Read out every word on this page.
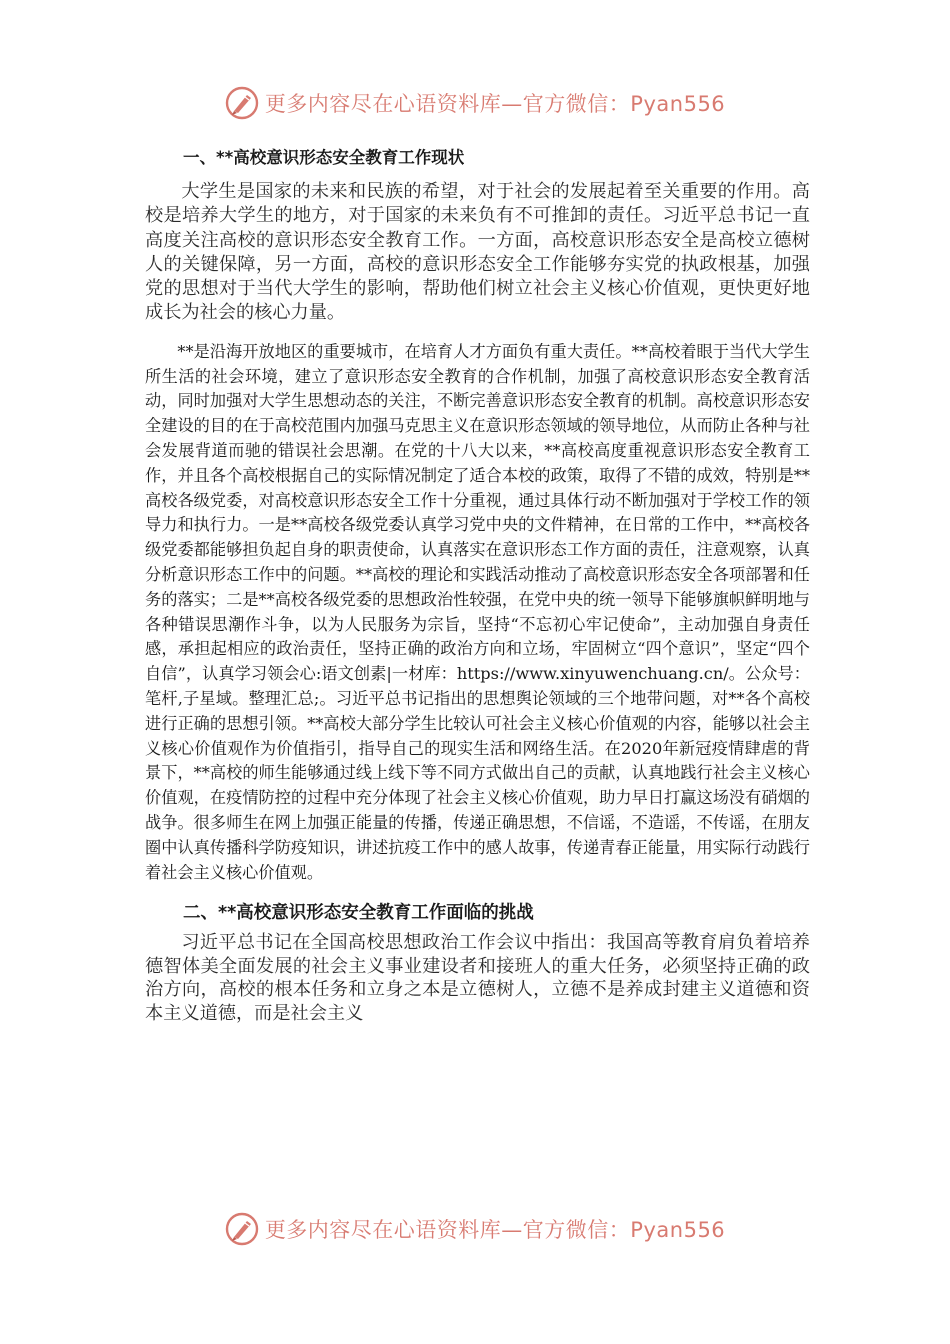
更多内容尽在心语资料库—官方微信：Pyan556
一、**高校意识形态安全教育工作现状

大学生是国家的未来和民族的希望，对于社会的发展起着至关重要的作用。高校是培养大学生的地方，对于国家的未来负有不可推卸的责任。习近平总书记一直高度关注高校的意识形态安全教育工作。一方面，高校意识形态安全是高校立德树人的关键保障，另一方面，高校的意识形态安全工作能够夯实党的执政根基，加强党的思想对于当代大学生的影响，帮助他们树立社会主义核心价值观，更快更好地成长为社会的核心力量。

**是沿海开放地区的重要城市，在培育人才方面负有重大责任。**高校着眼于当代大学生所生活的社会环境，建立了意识形态安全教育的合作机制，加强了高校意识形态安全教育活动，同时加强对大学生思想动态的关注，不断完善意识形态安全教育的机制。高校意识形态安全建设的目的在于高校范围内加强马克思主义在意识形态领域的领导地位，从而防止各种与社会发展背道而驰的错误社会思潮。在党的十八大以来，**高校高度重视意识形态安全教育工作，并且各个高校根据自己的实际情况制定了适合本校的政策，取得了不错的成效，特别是**高校各级党委，对高校意识形态安全工作十分重视，通过具体行动不断加强对于学校工作的领导力和执行力。一是**高校各级党委认真学习党中央的文件精神，在日常的工作中，**高校各级党委都能够担负起自身的职责使命，认真落实在意识形态工作方面的责任，注意观察，认真分析意识形态工作中的问题。**高校的理论和实践活动推动了高校意识形态安全各项部署和任务的落实；二是**高校各级党委的思想政治性较强，在党中央的统一领导下能够旗帜鲜明地与各种错误思潮作斗争，以为人民服务为宗旨，坚持“不忘初心牢记使命”，主动加强自身责任感，承担起相应的政治责任，坚持正确的政治方向和立场，牢固树立“四个意识”，坚定“四个自信”，认真学习领会心:语文创素|一材库：https://www.xinyuwenchuang.cn/。公众号：笔杆,子星域。整理汇总;。习近平总书记指出的思想舆论领域的三个地带问题，对**各个高校进行正确的思想引领。**高校大部分学生比较认可社会主义核心价值观的内容，能够以社会主义核心价值观作为价值指引，指导自己的现实生活和网络生活。在2020年新冠疫情肆虐的背景下，**高校的师生能够通过线上线下等不同方式做出自己的贡献，认真地践行社会主义核心价值观，在疫情防控的过程中充分体现了社会主义核心价值观，助力早日打赢这场没有硝烟的战争。很多师生在网上加强正能量的传播，传递正确思想，不信谣，不造谣，不传谣，在朋友圈中认真传播科学防疫知识，讲述抗疫工作中的感人故事，传递青春正能量，用实际行动践行着社会主义核心价值观。

二、**高校意识形态安全教育工作面临的挑战

习近平总书记在全国高校思想政治工作会议中指出：我国高等教育肩负着培养德智体美全面发展的社会主义事业建设者和接班人的重大任务，必须坚持正确的政治方向，高校的根本任务和立身之本是立德树人，立德不是养成封建主义道德和资本主义道德，而是社会主义

更多内容尽在心语资料库—官方微信：Pyan556
